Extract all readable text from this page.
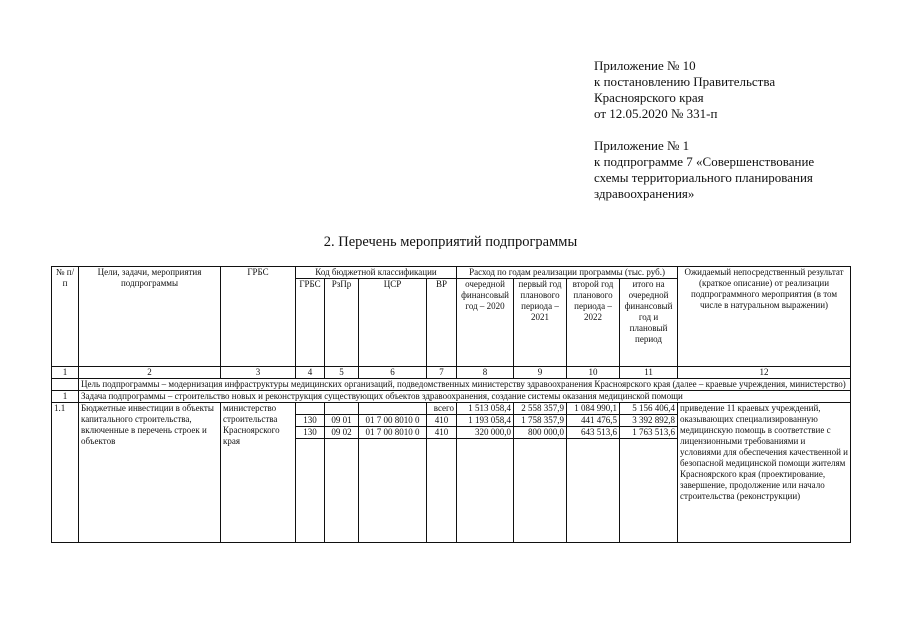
Приложение № 10
к постановлению Правительства
Красноярского края
от 12.05.2020 № 331-п
Приложение № 1
к подпрограмме 7 «Совершенствование
схемы территориального планирования
здравоохранения»
2. Перечень мероприятий подпрограммы
№ п/п	Цели, задачи, мероприятия подпрограммы	ГРБС	Код бюджетной классификации				Расход по годам реализации программы (тыс. руб.)				Ожидаемый непосредственный результат (краткое описание) от реализации подпрограммного мероприятия (в том числе в натуральном выражении)
			ГРБС	РзПр	ЦСР	ВР	очередной финансовый год – 2020	первый год планового периода – 2021	второй год планового периода – 2022	итого на очередной финансовый год и плановый период	
1	2	3	4	5	6	7	8	9	10	11	12
	Цель подпрограммы – модернизация инфраструктуры медицинских организаций, подведомственных министерству здравоохранения Красноярского края (далее – краевые учреждения, министерство)										
1	Задача подпрограммы – строительство новых и реконструкция существующих объектов здравоохранения, создание системы оказания медицинской помощи										
1.1	Бюджетные инвестиции в объекты капитального строительства, включенные в перечень строек и объектов	министерство строительства Красноярского края				всего	1 513 058,4	2 558 357,9	1 084 990,1	5 156 406,4	приведение 11 краевых учреждений, оказывающих специализированную медицинскую помощь в соответствие с лицензионными требованиями и условиями для обеспечения качественной и безопасной медицинской помощи жителям Красноярского края (проектирование, завершение, продолжение или начало строительства (реконструкции)
			130	09 01	01 7 00 8010 0	410	1 193 058,4	1 758 357,9	441 476,5	3 392 892,8	
			130	09 02	01 7 00 8010 0	410	320 000,0	800 000,0	643 513,6	1 763 513,6	
